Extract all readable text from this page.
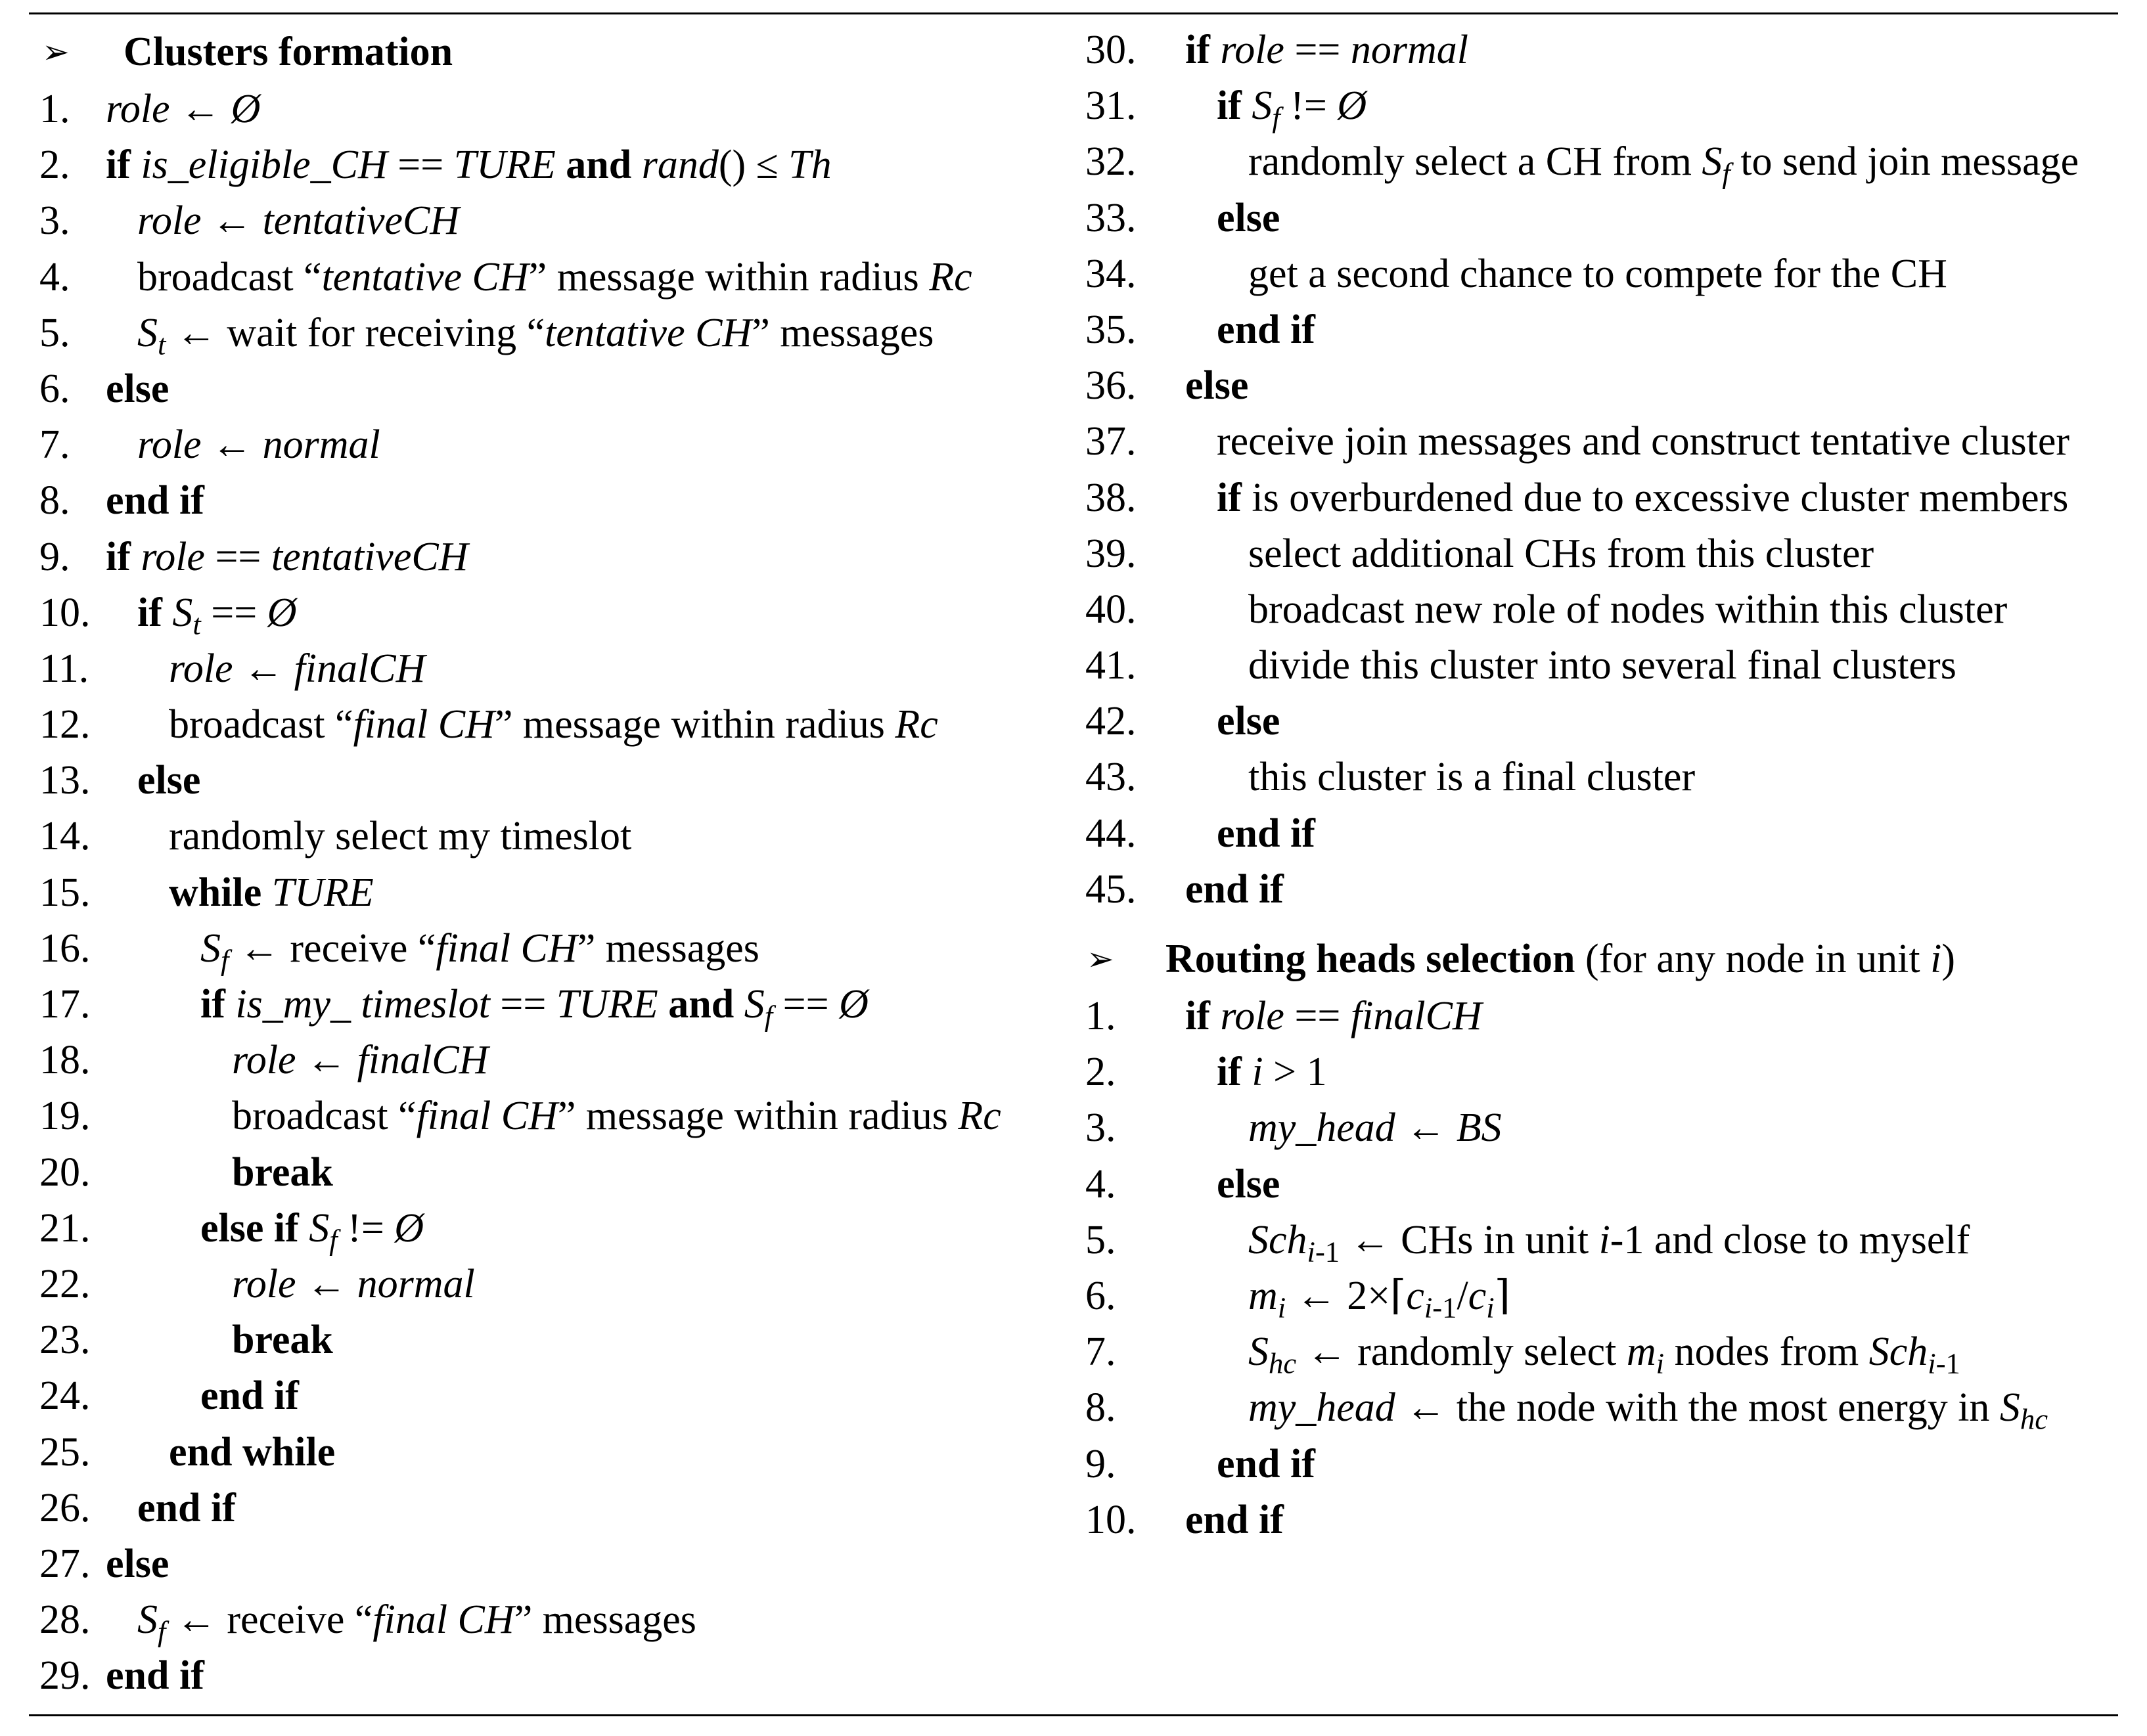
➢ Clusters formation
1. role ← Ø
2. if is_eligible_CH == TURE and rand() ≤ Th
3. role ← tentativeCH
4. broadcast “tentative CH” message within radius Rc
5. $S_t$ ← wait for receiving “tentative CH” messages
6. else
7. role ← normal
8. end if
9. if role == tentativeCH
10. if $S_t$ == Ø
11. role ← finalCH
12. broadcast “final CH” message within radius Rc
13. else
14. randomly select my timeslot
15. while TURE
16.	$S_f$ ← receive “final CH” messages
17.	if is_my_ timeslot == TURE and $S_f$ == Ø
18.	role ← finalCH
19.	broadcast “final CH” message within radius Rc
20.	break
21.	else if $S_f$ != Ø
22.	role ← normal
23.	break
24.	end if
25. end while
26. end if
27. else
28. $S_f$ ← receive “final CH” messages
29. end if
30. if role == normal
31. if $S_f$ != Ø
32.	randomly select a CH from $S_f$ to send join message
33. else
34.	get a second chance to compete for the CH
35. end if
36. else
37. receive join messages and construct tentative cluster
38. if is overburdened due to excessive cluster members
39.	select additional CHs from this cluster
40.	broadcast new role of nodes within this cluster
41.	divide this cluster into several final clusters
42. else
43.	this cluster is a final cluster
44. end if
45. end if
➢ Routing heads selection (for any node in unit i)
1. if role == finalCH
2. if i > 1
3.	my_head ← BS
4. else
5.	Sch$_{i-1}$ ← CHs in unit i-1 and close to myself
6.	$m_i$ ← $2\times⌈c_{i-1}/c_i⌉$
7.	$S_{hc}$ ← randomly select $m_i$ nodes from Sch$_{i-1}$
8.	my_head ← the node with the most energy in $S_{hc}$
9. end if
10. end if
